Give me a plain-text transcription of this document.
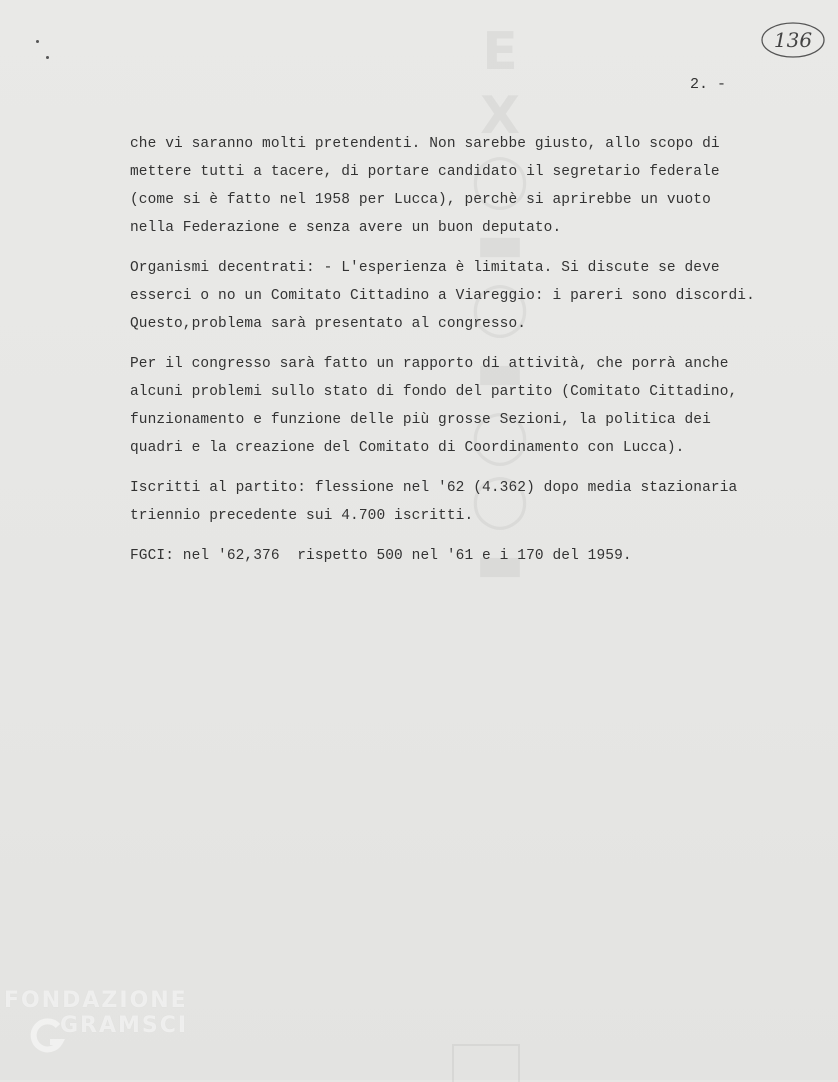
E
X
◯
▬
◯
▬
◯
◯
▬
136
2. -
che vi saranno molti pretendenti. Non sarebbe giusto, allo scopo di
mettere tutti a tacere, di portare candidato il segretario federale
(come si è fatto nel 1958 per Lucca), perchè si aprirebbe un vuoto
nella Federazione e senza avere un buon deputato.
Organismi decentrati: - L'esperienza è limitata. Si discute se deve
esserci o no un Comitato Cittadino a Viareggio: i pareri sono discordi.
Questo,problema sarà presentato al congresso.
Per il congresso sarà fatto un rapporto di attività, che porrà anche
alcuni problemi sullo stato di fondo del partito (Comitato Cittadino,
funzionamento e funzione delle più grosse Sezioni, la politica dei
quadri e la creazione del Comitato di Coordinamento con Lucca).
Iscritti al partito: flessione nel '62 (4.362) dopo media stazionaria
triennio precedente sui 4.700 iscritti.
FGCI: nel '62,376  rispetto 500 nel '61 e i 170 del 1959.
FONDAZIONE
GRAMSCI
